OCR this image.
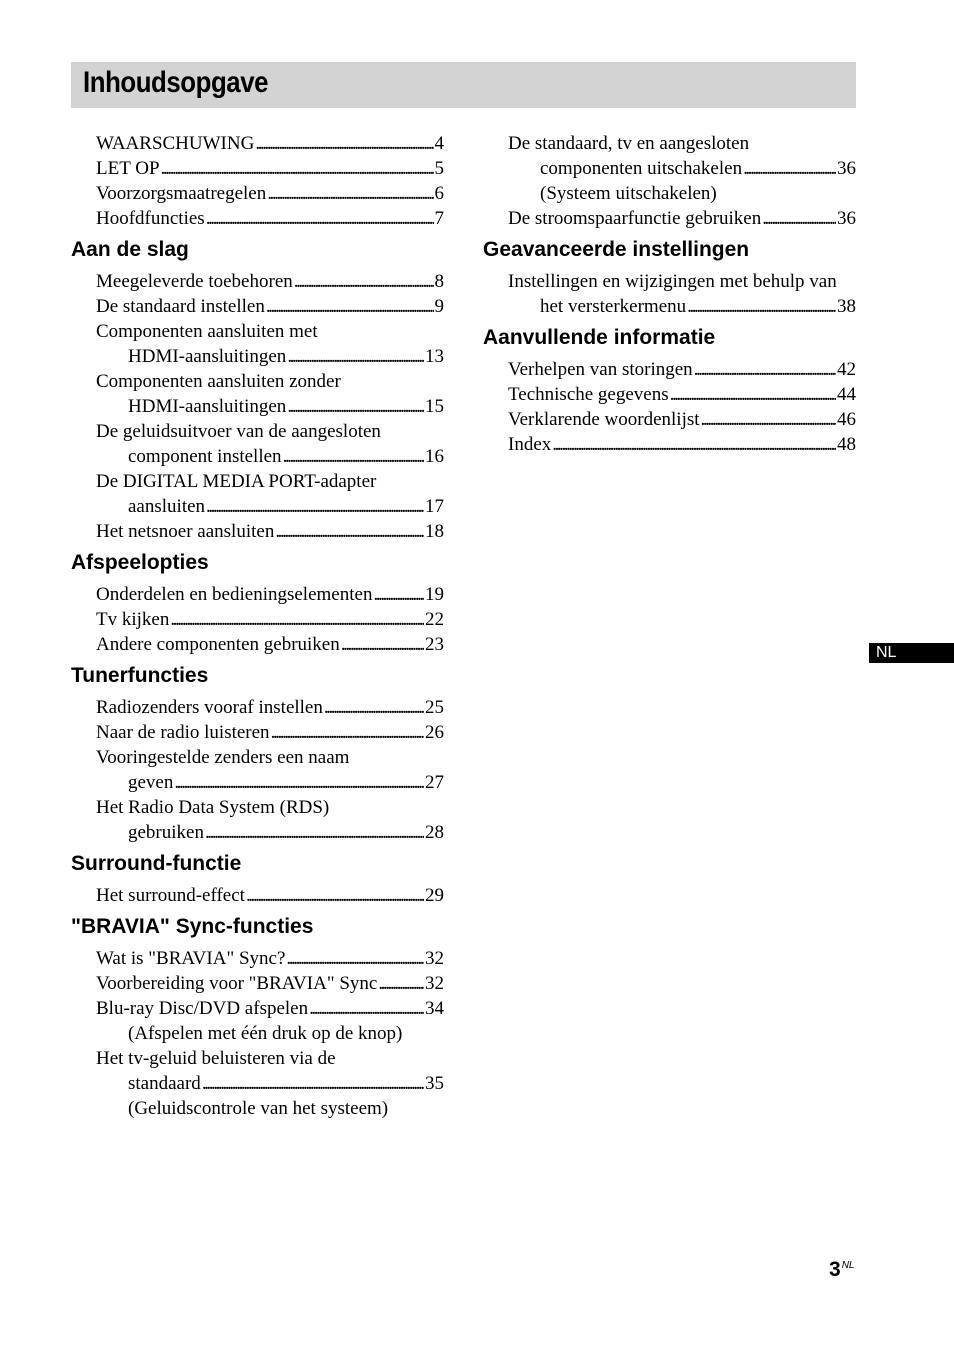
Inhoudsopgave
WAARSCHUWING . . .	4
LET OP . . .	5
Voorzorgsmaatregelen . . .	6
Hoofdfuncties . . .	7
Aan de slag
Meegeleverde toebehoren . . .	8
De standaard instellen . . .	9
Componenten aansluiten met
HDMI-aansluitingen . . .	13
Componenten aansluiten zonder
HDMI-aansluitingen . . .	15
De geluidsuitvoer van de aangesloten
component instellen . . .	16
De DIGITAL MEDIA PORT-adapter
aansluiten . . .	17
Het netsnoer aansluiten . . .	18
Afspeelopties
Onderdelen en bedieningselementen . . .	19
Tv kijken . . .	22
Andere componenten gebruiken . . .	23
Tunerfuncties
Radiozenders vooraf instellen . . .	25
Naar de radio luisteren . . .	26
Vooringestelde zenders een naam
geven . . .	27
Het Radio Data System (RDS)
gebruiken . . .	28
Surround-functie
Het surround-effect . . .	29
"BRAVIA" Sync-functies
Wat is "BRAVIA" Sync? . . .	32
Voorbereiding voor "BRAVIA" Sync . . .	32
Blu-ray Disc/DVD afspelen . . .	34
(Afspelen met één druk op de knop)
Het tv-geluid beluisteren via de
standaard . . .	35
(Geluidscontrole van het systeem)
De standaard, tv en aangesloten
componenten uitschakelen . . .	36
(Systeem uitschakelen)
De stroomspaarfunctie gebruiken . . .	36
Geavanceerde instellingen
Instellingen en wijzigingen met behulp van
het versterkermenu . . .	38
Aanvullende informatie
Verhelpen van storingen . . .	42
Technische gegevens . . .	44
Verklarende woordenlijst . . .	46
Index . . .	48
NL
$3^{NL}$
